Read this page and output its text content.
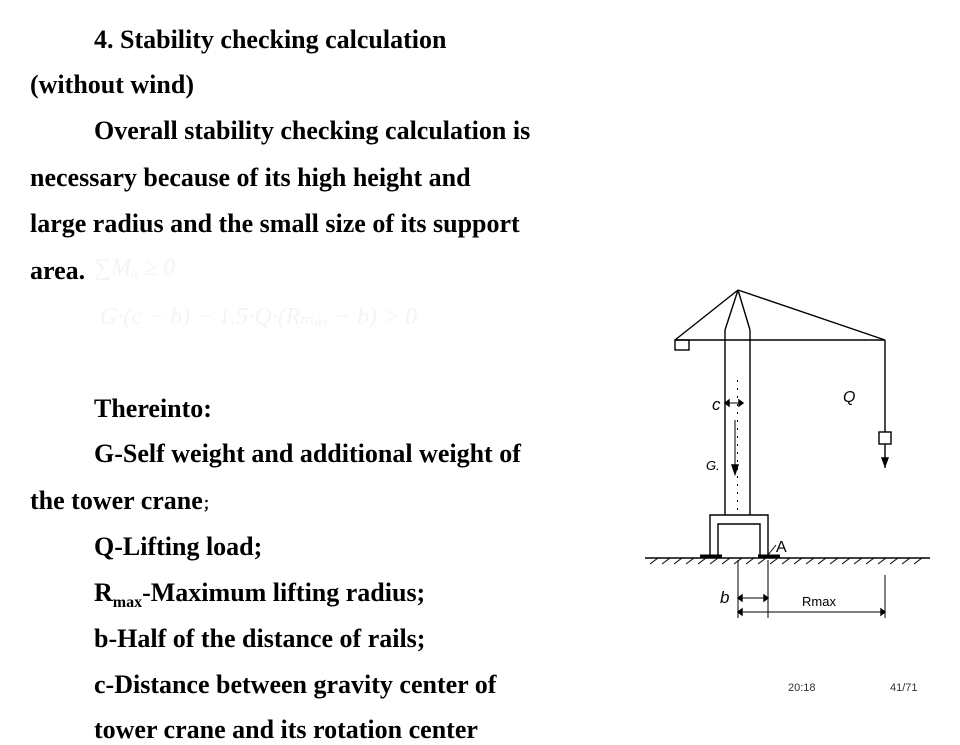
4. Stability checking calculation
(without wind)
Overall stability checking calculation is
necessary because of its high height and
large radius and the small size of its support
area. ∑Mₐ ≥ 0
G·(c − b) − 1.5·Q·(Rₘₐₓ − b) > 0
Thereinto:
G-Self weight and additional weight of
the tower crane；
Q-Lifting load;
$R_{max}$-Maximum lifting radius;
b-Half of the distance of rails;
c-Distance between gravity center of
tower crane and its rotation center
c	Q
G.
A
b	Rmax
20:18	41/71
